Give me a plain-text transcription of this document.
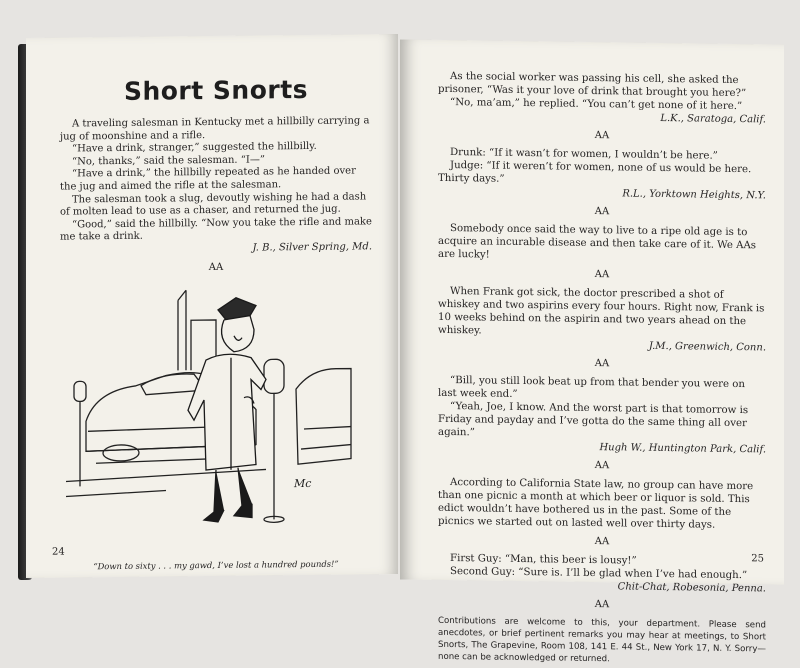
Short Snorts

A traveling salesman in Kentucky met a hillbilly carrying a jug of moonshine and a rifle.

“Have a drink, stranger,” suggested the hillbilly.

“No, thanks,” said the salesman. “I—”

“Have a drink,” the hillbilly repeated as he handed over the jug and aimed the rifle at the salesman.

The salesman took a slug, devoutly wishing he had a dash of molten lead to use as a chaser, and returned the jug.

“Good,” said the hillbilly. “Now you take the rifle and make me take a drink.

J. B., Silver Spring, Md.

AA
Mc
“Down to sixty . . . my gawd, I’ve lost a hundred pounds!”
24

As the social worker was passing his cell, she asked the prisoner, “Was it your love of drink that brought you here?”

“No, ma’am,” he replied. “You can’t get none of it here.”

L.K., Saratoga, Calif.

AA

Drunk: “If it wasn’t for women, I wouldn’t be here.”

Judge: “If it weren’t for women, none of us would be here. Thirty days.”

R.L., Yorktown Heights, N.Y.

AA

Somebody once said the way to live to a ripe old age is to acquire an incurable disease and then take care of it. We AAs are lucky!

AA

When Frank got sick, the doctor prescribed a shot of whiskey and two aspirins every four hours. Right now, Frank is 10 weeks behind on the aspirin and two years ahead on the whiskey.

J.M., Greenwich, Conn.

AA

“Bill, you still look beat up from that bender you were on last week end.”

“Yeah, Joe, I know. And the worst part is that tomorrow is Friday and payday and I’ve gotta do the same thing all over again.”

Hugh W., Huntington Park, Calif.

AA

According to California State law, no group can have more than one picnic a month at which beer or liquor is sold. This edict wouldn’t have bothered us in the past. Some of the picnics we started out on lasted well over thirty days.

AA

First Guy: “Man, this beer is lousy!”

Second Guy: “Sure is. I’ll be glad when I’ve had enough.”

Chit-Chat, Robesonia, Penna.

AA
Contributions are welcome to this, your department. Please send anecdotes, or brief pertinent remarks you may hear at meetings, to Short Snorts, The Grapevine, Room 108, 141 E. 44 St., New York 17, N. Y. Sorry—none can be acknowledged or returned.
25
